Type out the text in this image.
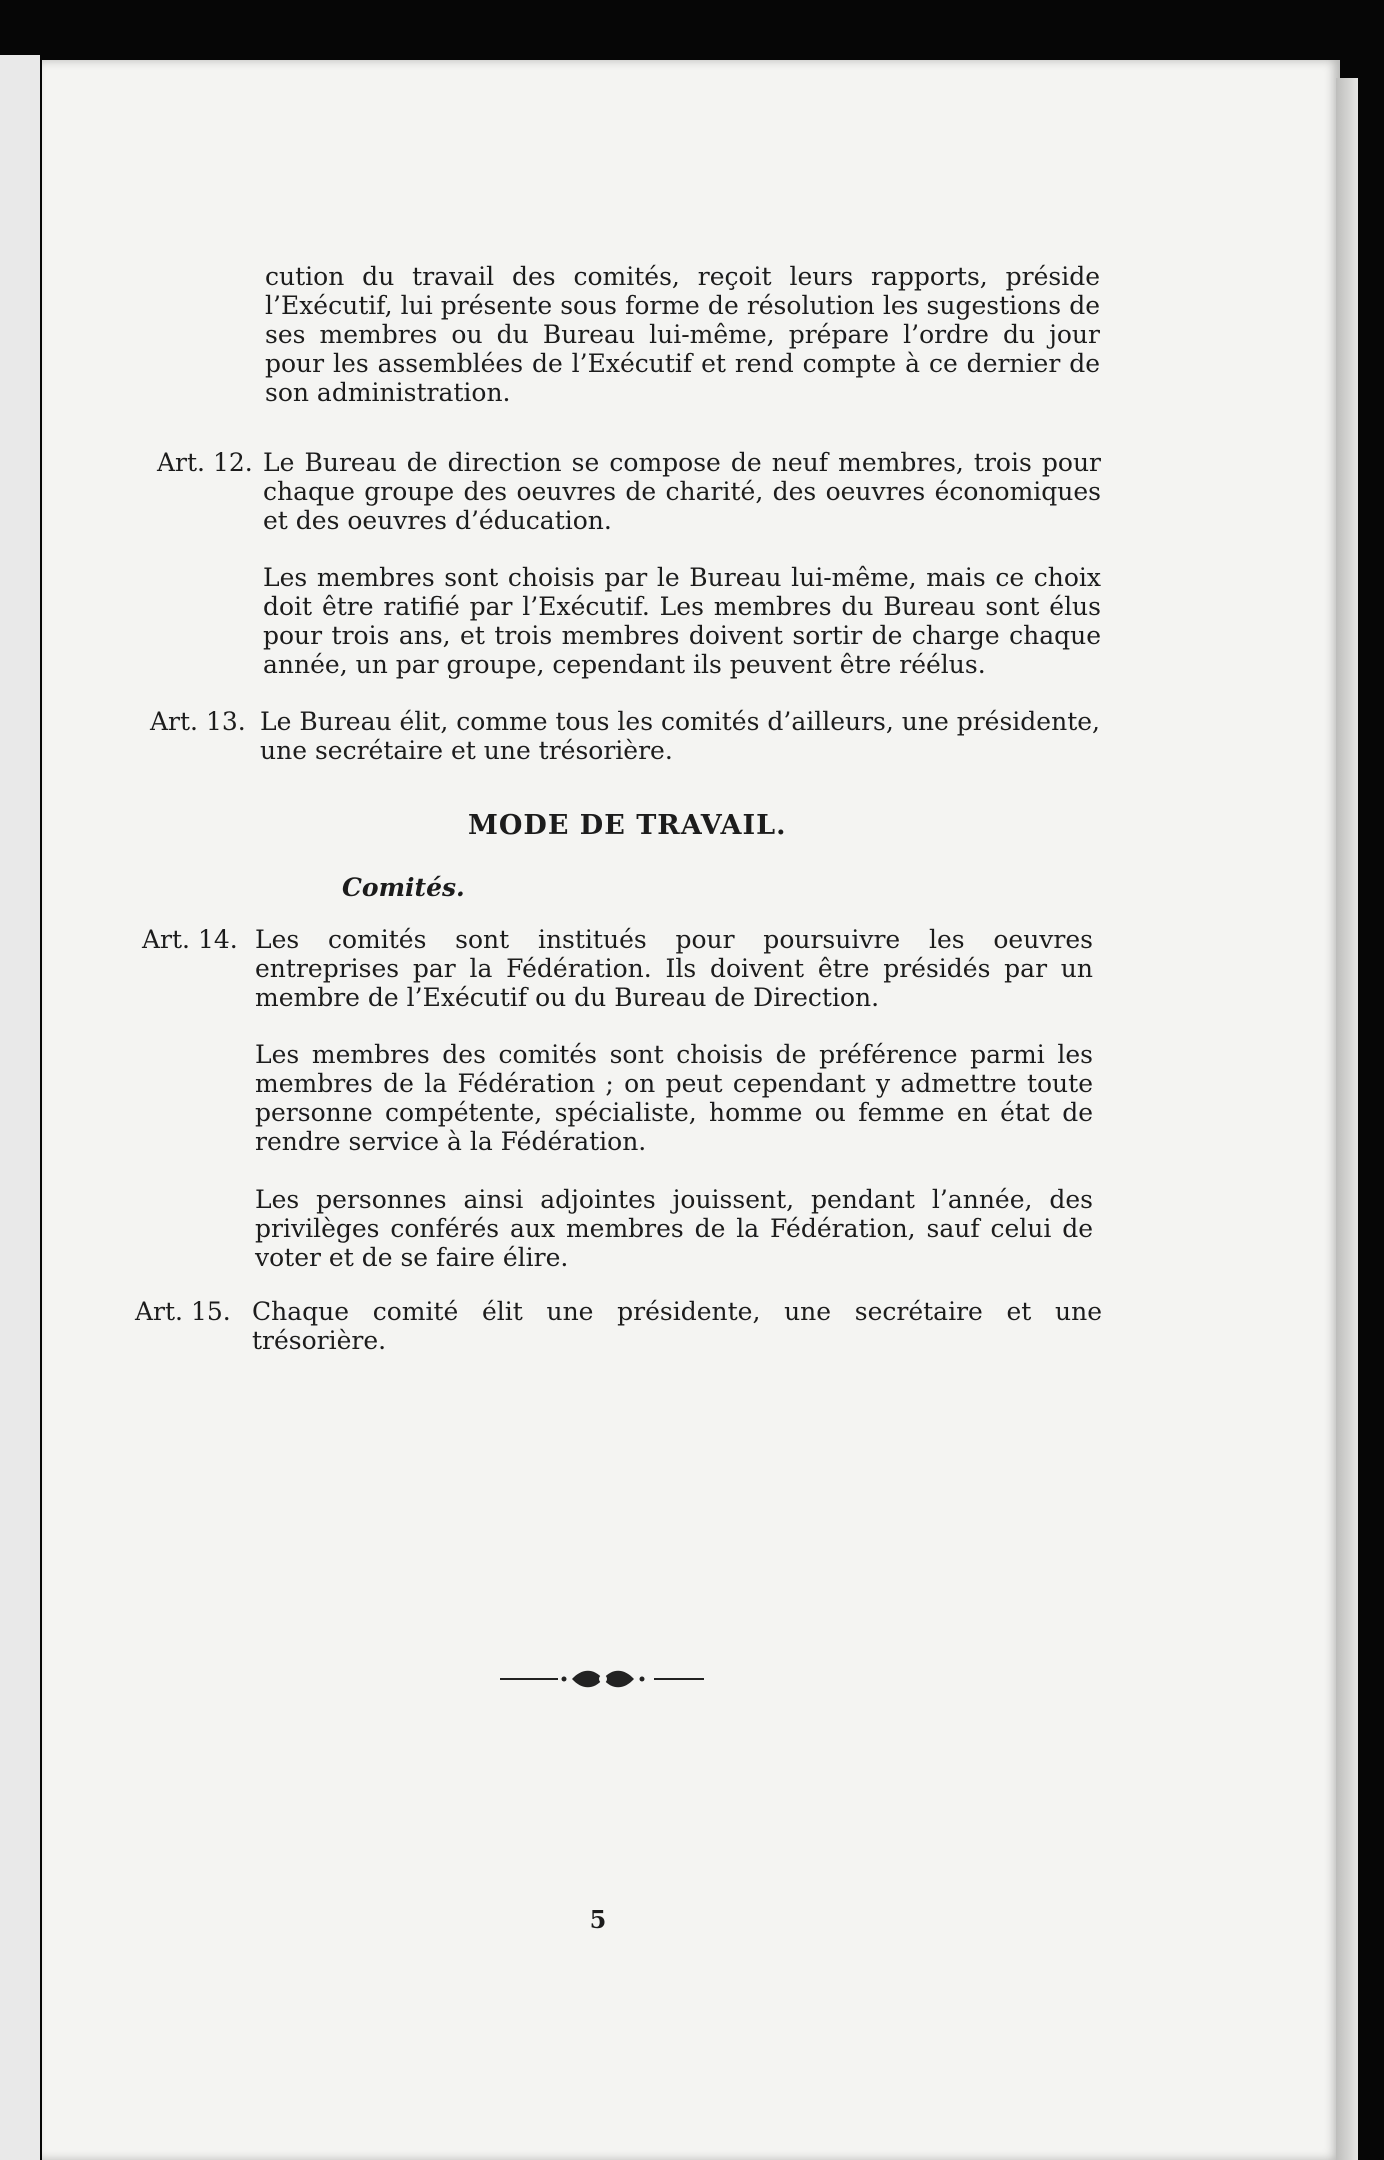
cution du travail des comités, reçoit leurs rapports, préside l’Exécutif, lui présente sous forme de résolution les sugestions de ses membres ou du Bureau lui-même, prépare l’ordre du jour pour les assemblées de l’Exécutif et rend compte à ce dernier de son administration.

Art. 12. Le Bureau de direction se compose de neuf membres, trois pour chaque groupe des oeuvres de charité, des oeuvres économiques et des oeuvres d’éducation.

Les membres sont choisis par le Bureau lui-même, mais ce choix doit être ratifié par l’Exécutif. Les membres du Bureau sont élus pour trois ans, et trois membres doivent sortir de charge chaque année, un par groupe, cependant ils peuvent être réélus.

Art. 13. Le Bureau élit, comme tous les comités d’ailleurs, une présidente, une secrétaire et une trésorière.

MODE DE TRAVAIL.
Comités.
Art. 14. Les comités sont institués pour poursuivre les oeuvres entreprises par la Fédération. Ils doivent être présidés par un membre de l’Exécutif ou du Bureau de Direction.

Les membres des comités sont choisis de préférence parmi les membres de la Fédération ; on peut cependant y admettre toute personne compétente, spécialiste, homme ou femme en état de rendre service à la Fédération.

Les personnes ainsi adjointes jouissent, pendant l’année, des privilèges conférés aux membres de la Fédération, sauf celui de voter et de se faire élire.

Art. 15. Chaque comité élit une présidente, une secrétaire et une trésorière.

5
